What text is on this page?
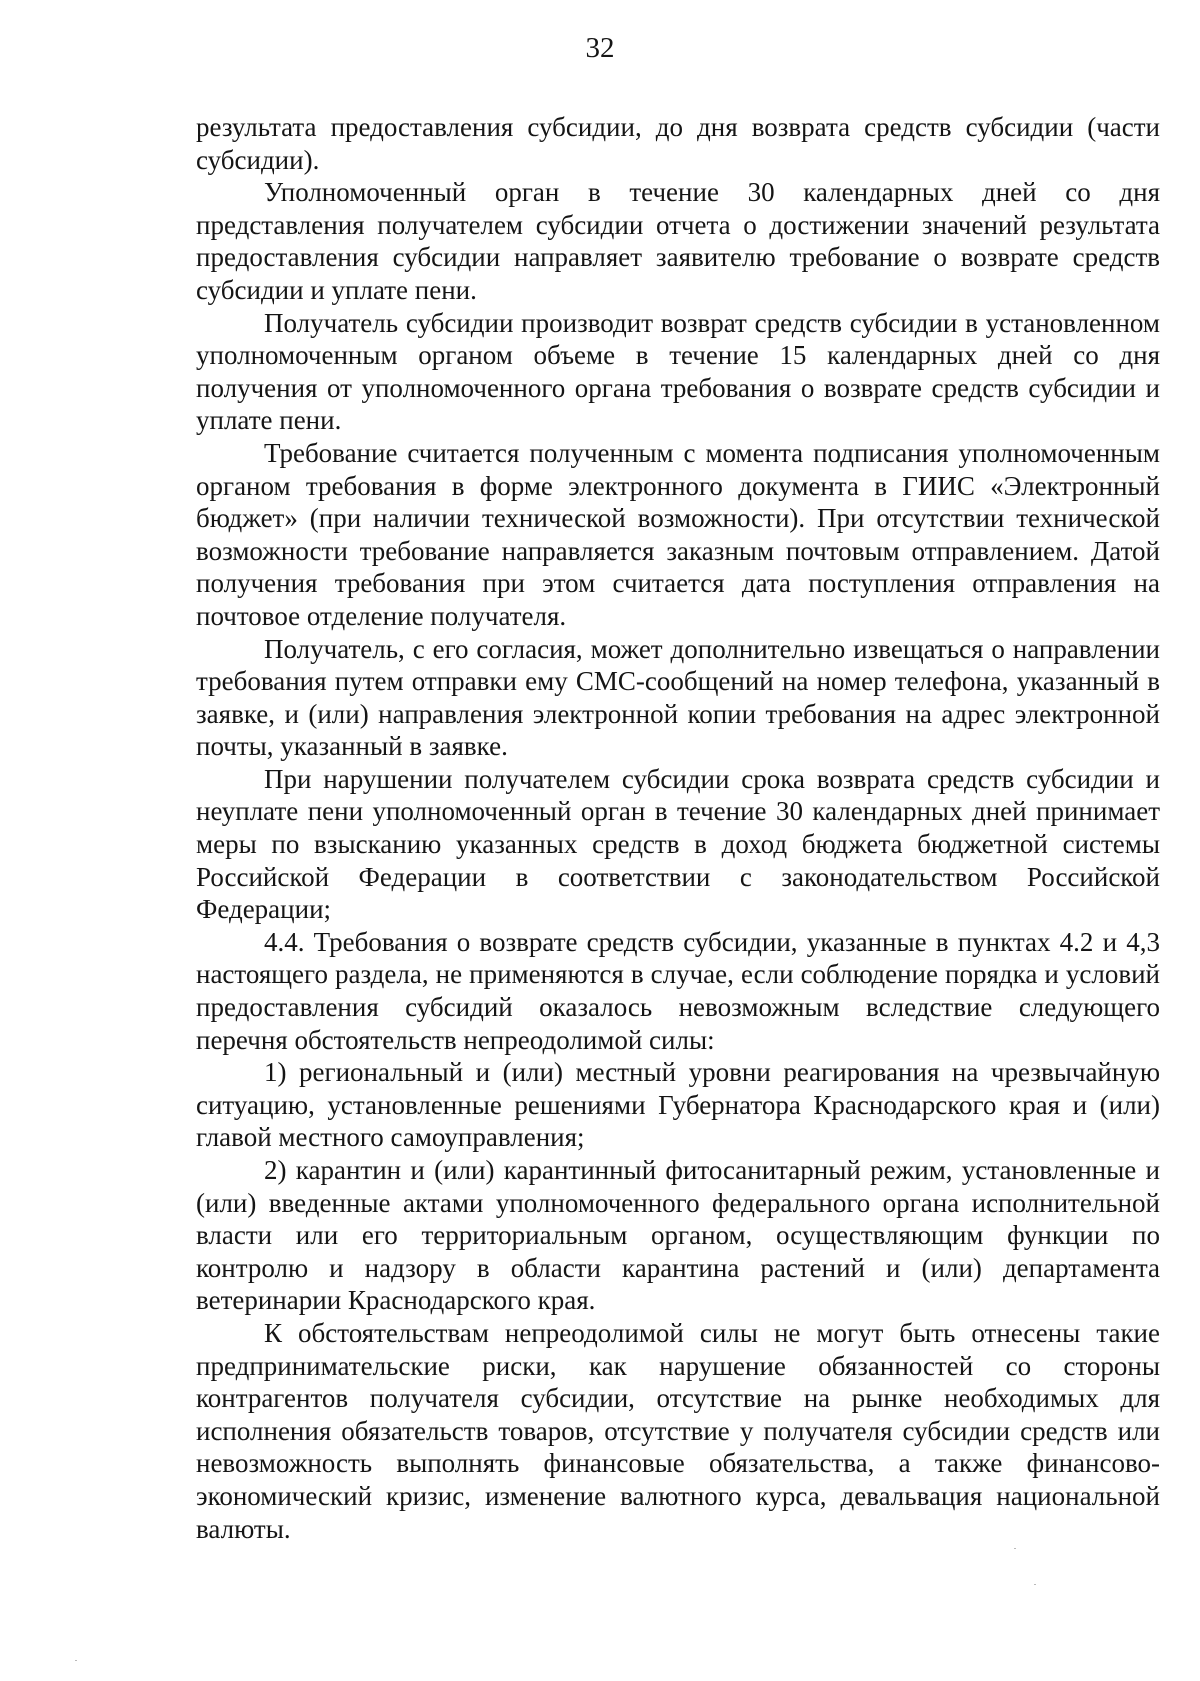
32

результата предоставления субсидии, до дня возврата средств субсидии (части субсидии).

Уполномоченный орган в течение 30 календарных дней со дня представления получателем субсидии отчета о достижении значений результата предоставления субсидии направляет заявителю требование о возврате средств субсидии и уплате пени.

Получатель субсидии производит возврат средств субсидии в установленном уполномоченным органом объеме в течение 15 календарных дней со дня получения от уполномоченного органа требования о возврате средств субсидии и уплате пени.

Требование считается полученным с момента подписания уполномоченным органом требования в форме электронного документа в ГИИС «Электронный бюджет» (при наличии технической возможности). При отсутствии технической возможности требование направляется заказным почтовым отправлением. Датой получения требования при этом считается дата поступления отправления на почтовое отделение получателя.

Получатель, с его согласия, может дополнительно извещаться о направлении требования путем отправки ему СМС-сообщений на номер телефона, указанный в заявке, и (или) направления электронной копии требования на адрес электронной почты, указанный в заявке.

При нарушении получателем субсидии срока возврата средств субсидии и неуплате пени уполномоченный орган в течение 30 календарных дней принимает меры по взысканию указанных средств в доход бюджета бюджетной системы Российской Федерации в соответствии с законодательством Российской Федерации;

4.4. Требования о возврате средств субсидии, указанные в пунктах 4.2 и 4,3 настоящего раздела, не применяются в случае, если соблюдение порядка и условий предоставления субсидий оказалось невозможным вследствие следующего перечня обстоятельств непреодолимой силы:

1) региональный и (или) местный уровни реагирования на чрезвычайную ситуацию, установленные решениями Губернатора Краснодарского края и (или) главой местного самоуправления;

2) карантин и (или) карантинный фитосанитарный режим, установленные и (или) введенные актами уполномоченного федерального органа исполнительной власти или его территориальным органом, осуществляющим функции по контролю и надзору в области карантина растений и (или) департамента ветеринарии Краснодарского края.

К обстоятельствам непреодолимой силы не могут быть отнесены такие предпринимательские риски, как нарушение обязанностей со стороны контрагентов получателя субсидии, отсутствие на рынке необходимых для исполнения обязательств товаров, отсутствие у получателя субсидии средств или невозможность выполнять финансовые обязательства, а также финансово-экономический кризис, изменение валютного курса, девальвация национальной валюты.
